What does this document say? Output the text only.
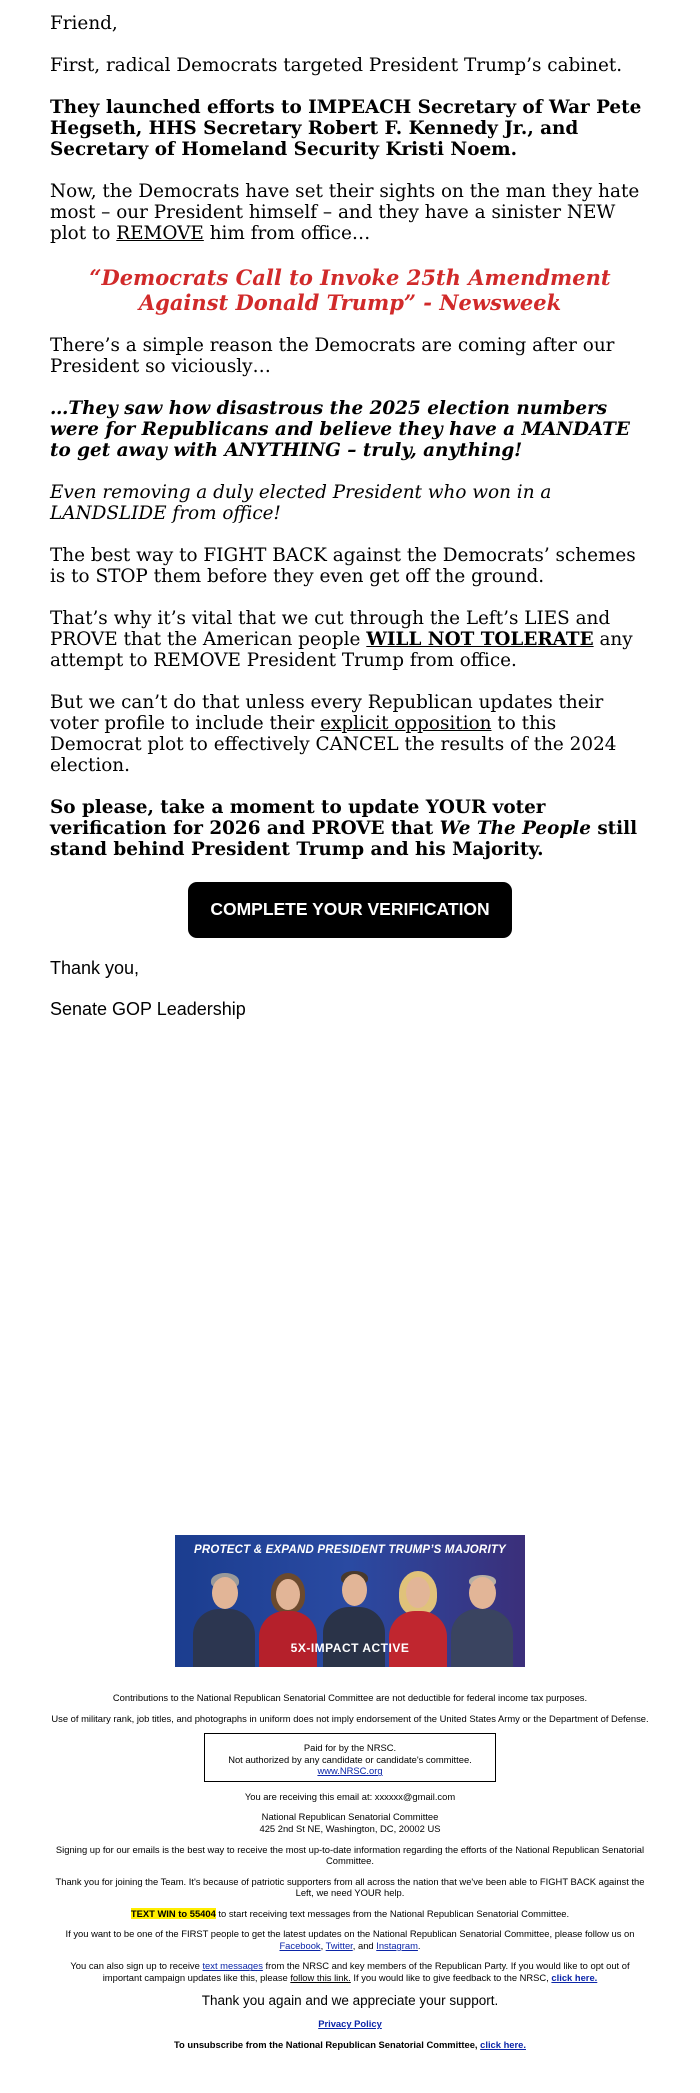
Friend,

First, radical Democrats targeted President Trump’s cabinet.

They launched efforts to IMPEACH Secretary of War Pete Hegseth, HHS Secretary Robert F. Kennedy Jr., and Secretary of Homeland Security Kristi Noem.

Now, the Democrats have set their sights on the man they hate most – our President himself – and they have a sinister NEW plot to REMOVE him from office…

“Democrats Call to Invoke 25th Amendment Against Donald Trump” - Newsweek

There’s a simple reason the Democrats are coming after our President so viciously…

…They saw how disastrous the 2025 election numbers were for Republicans and believe they have a MANDATE to get away with ANYTHING – truly, anything!

Even removing a duly elected President who won in a LANDSLIDE from office!

The best way to FIGHT BACK against the Democrats’ schemes is to STOP them before they even get off the ground.

That’s why it’s vital that we cut through the Left’s LIES and PROVE that the American people WILL NOT TOLERATE any attempt to REMOVE President Trump from office.

But we can’t do that unless every Republican updates their voter profile to include their explicit opposition to this Democrat plot to effectively CANCEL the results of the 2024 election.

So please, take a moment to update YOUR voter verification for 2026 and PROVE that We The People still stand behind President Trump and his Majority.

COMPLETE YOUR VERIFICATION

Thank you,

Senate GOP Leadership

PROTECT & EXPAND PRESIDENT TRUMP’S MAJORITY
5X-IMPACT ACTIVE

Contributions to the National Republican Senatorial Committee are not deductible for federal income tax purposes.

Use of military rank, job titles, and photographs in uniform does not imply endorsement of the United States Army or the Department of Defense.

Paid for by the NRSC.
Not authorized by any candidate or candidate's committee.
www.NRSC.org

You are receiving this email at: xxxxxx@gmail.com

National Republican Senatorial Committee
425 2nd St NE, Washington, DC, 20002 US

Signing up for our emails is the best way to receive the most up-to-date information regarding the efforts of the National Republican Senatorial Committee.

Thank you for joining the Team. It's because of patriotic supporters from all across the nation that we've been able to FIGHT BACK against the Left, we need YOUR help.

TEXT WIN to 55404 to start receiving text messages from the National Republican Senatorial Committee.

If you want to be one of the FIRST people to get the latest updates on the National Republican Senatorial Committee, please follow us on Facebook, Twitter, and Instagram.

You can also sign up to receive text messages from the NRSC and key members of the Republican Party. If you would like to opt out of important campaign updates like this, please follow this link. If you would like to give feedback to the NRSC, click here.

Thank you again and we appreciate your support.

Privacy Policy

To unsubscribe from the National Republican Senatorial Committee, click here.
